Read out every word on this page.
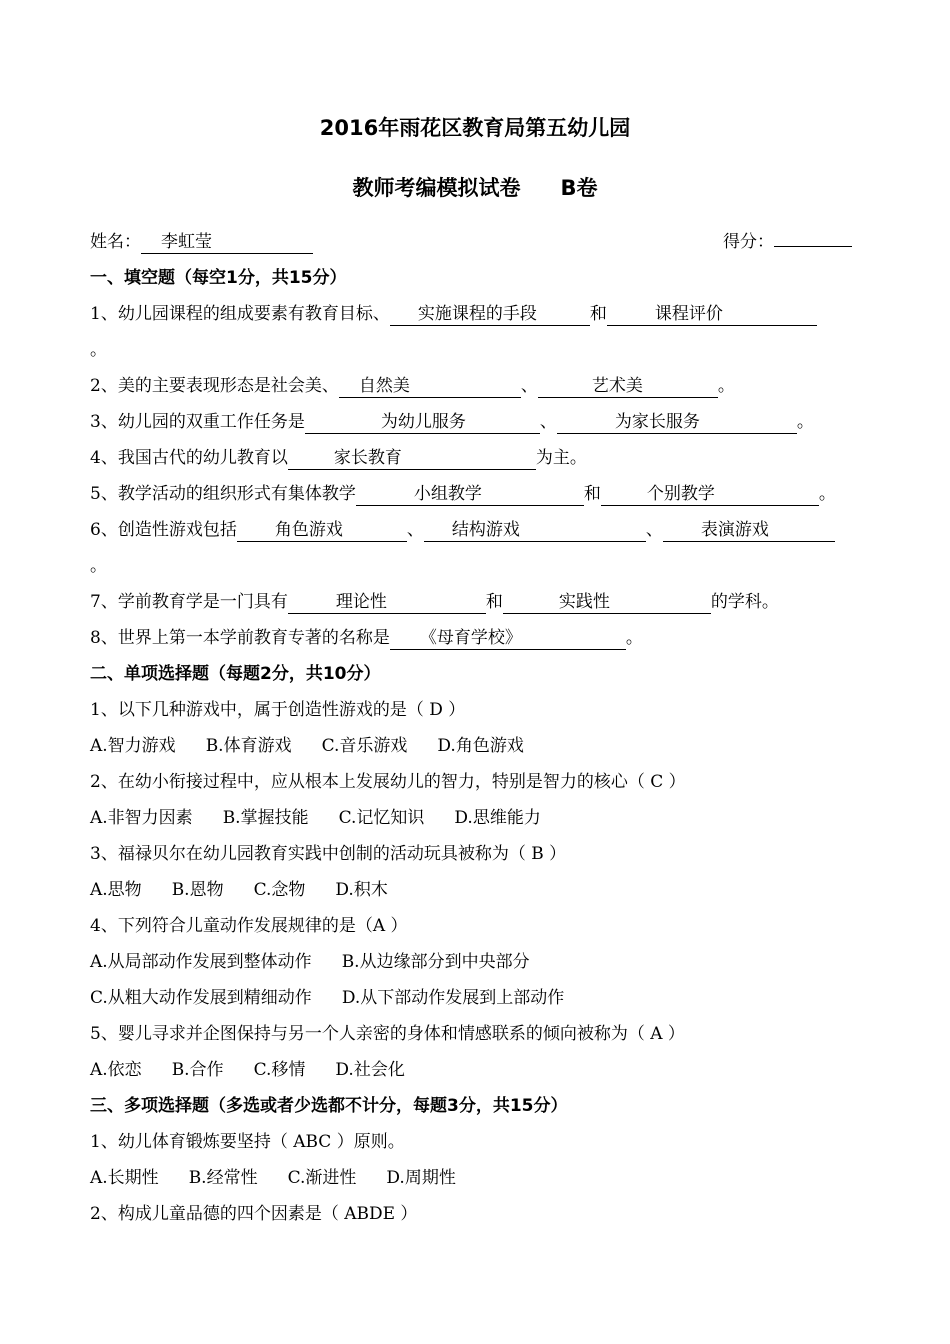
2016年雨花区教育局第五幼儿园
教师考编模拟试卷 B卷
姓名： 李虹莹	得分：
一、填空题（每空1分，共15分）
1、幼儿园课程的组成要素有教育目标、 实施课程的手段	和	课程评价
。
2、美的主要表现形态是社会美、 自然美	、	艺术美	。
3、幼儿园的双重工作任务是	为幼儿服务	、	为家长服务	。
4、我国古代的幼儿教育以	家长教育	为主。
5、教学活动的组织形式有集体教学	小组教学	和	个别教学	。
6、创造性游戏包括 角色游戏	、 结构游戏	、 表演游戏
。
7、学前教育学是一门具有	理论性	和	实践性	的学科。
8、世界上第一本学前教育专著的名称是 《母育学校》	。
二、单项选择题（每题2分，共10分）
1、以下几种游戏中，属于创造性游戏的是（ D ）
A.智力游戏 B.体育游戏 C.音乐游戏 D.角色游戏
2、在幼小衔接过程中，应从根本上发展幼儿的智力，特别是智力的核心（ C ）
A.非智力因素 B.掌握技能 C.记忆知识 D.思维能力
3、福禄贝尔在幼儿园教育实践中创制的活动玩具被称为（ B ）
A.思物 B.恩物 C.念物 D.积木
4、下列符合儿童动作发展规律的是（A ）
A.从局部动作发展到整体动作 B.从边缘部分到中央部分
C.从粗大动作发展到精细动作 D.从下部动作发展到上部动作
5、婴儿寻求并企图保持与另一个人亲密的身体和情感联系的倾向被称为（ A ）
A.依恋 B.合作 C.移情 D.社会化
三、多项选择题（多选或者少选都不计分，每题3分，共15分）
1、幼儿体育锻炼要坚持（ ABC ）原则。
A.长期性 B.经常性 C.渐进性 D.周期性
2、构成儿童品德的四个因素是（ ABDE ）
